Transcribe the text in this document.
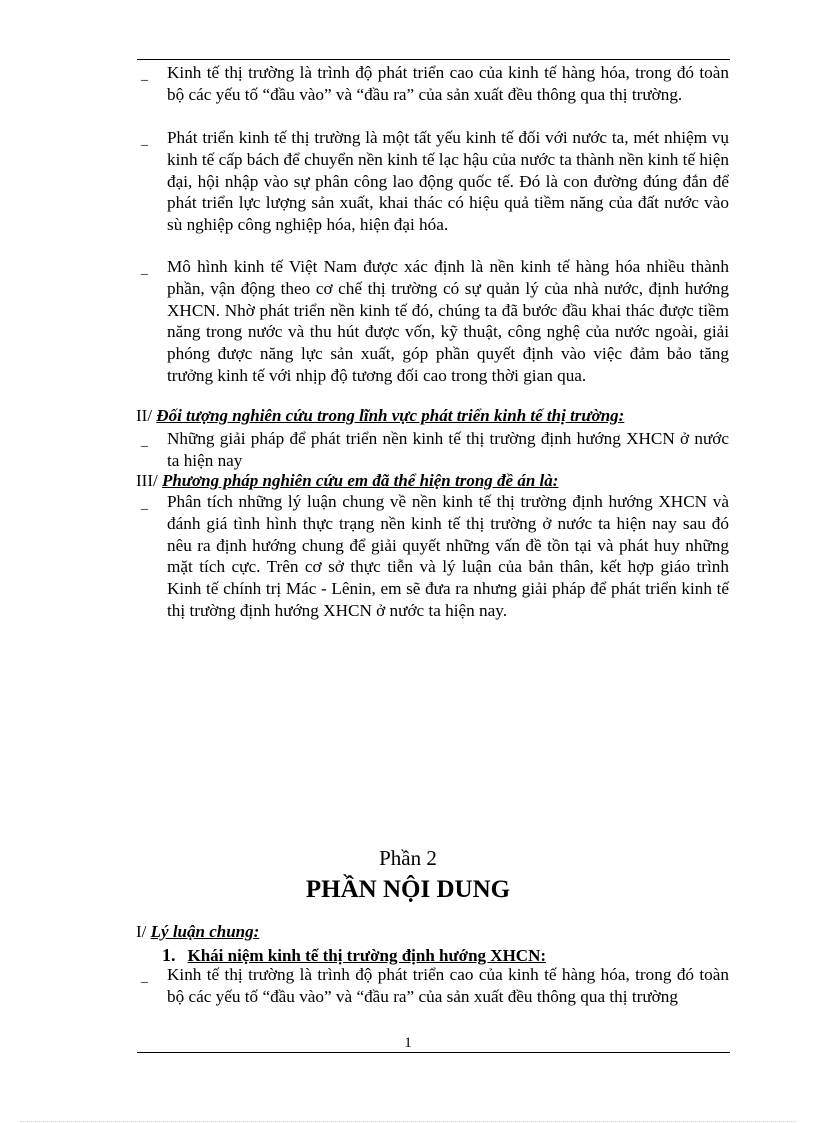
_ Kinh tế thị trường là trình độ phát triển cao của kinh tế hàng hóa, trong đó toàn bộ các yếu tố “đầu vào” và “đầu ra” của sản xuất đều thông qua thị trường.
_ Phát triển kinh tế thị trường là một tất yếu kinh tế đối với nước ta, mét nhiệm vụ kinh tế cấp bách để chuyển nền kinh tế lạc hậu của nước ta thành nền kinh tế hiện đại, hội nhập vào sự phân công lao động quốc tế. Đó là con đường đúng đắn để phát triển lực lượng sản xuất, khai thác có hiệu quả tiềm năng của đất nước vào sù nghiệp công nghiệp hóa, hiện đại hóa.
_ Mô hình kinh tế Việt Nam được xác định là nền kinh tế hàng hóa nhiều thành phần, vận động theo cơ chế thị trường có sự quản lý của nhà nước, định hướng XHCN. Nhờ phát triển nền kinh tế đó, chúng ta đã bước đầu khai thác được tiềm năng trong nước và thu hút được vốn, kỹ thuật, công nghệ của nước ngoài, giải phóng được năng lực sản xuất, góp phần quyết định vào việc đảm bảo tăng trưởng kinh tế với nhịp độ tương đối cao trong thời gian qua.
II/ Đối tượng nghiên cứu trong lĩnh vực phát triển kinh tế thị trường:
_ Những giải pháp để phát triển nền kinh tế thị trường định hướng XHCN ở nước ta hiện nay
III/ Phương pháp nghiên cứu em đã thể hiện trong đề án là:
_ Phân tích những lý luận chung về nền kinh tế thị trường định hướng XHCN và đánh giá tình hình thực trạng nền kinh tế thị trường ở nước ta hiện nay sau đó nêu ra định hướng chung để giải quyết những vấn đề tồn tại và phát huy những mặt tích cực. Trên cơ sở thực tiễn và lý luận của bản thân, kết hợp giáo trình Kinh tế chính trị Mác - Lênin, em sẽ đưa ra nhưng giải pháp để phát triển kinh tế thị trường định hướng XHCN ở nước ta hiện nay.
Phần 2
PHẦN NỘI DUNG
I/ Lý luận chung:
1. Khái niệm kinh tế thị trường định hướng XHCN:
_ Kinh tế thị trường là trình độ phát triển cao của kinh tế hàng hóa, trong đó toàn bộ các yếu tố “đầu vào” và “đầu ra” của sản xuất đều thông qua thị trường
1
